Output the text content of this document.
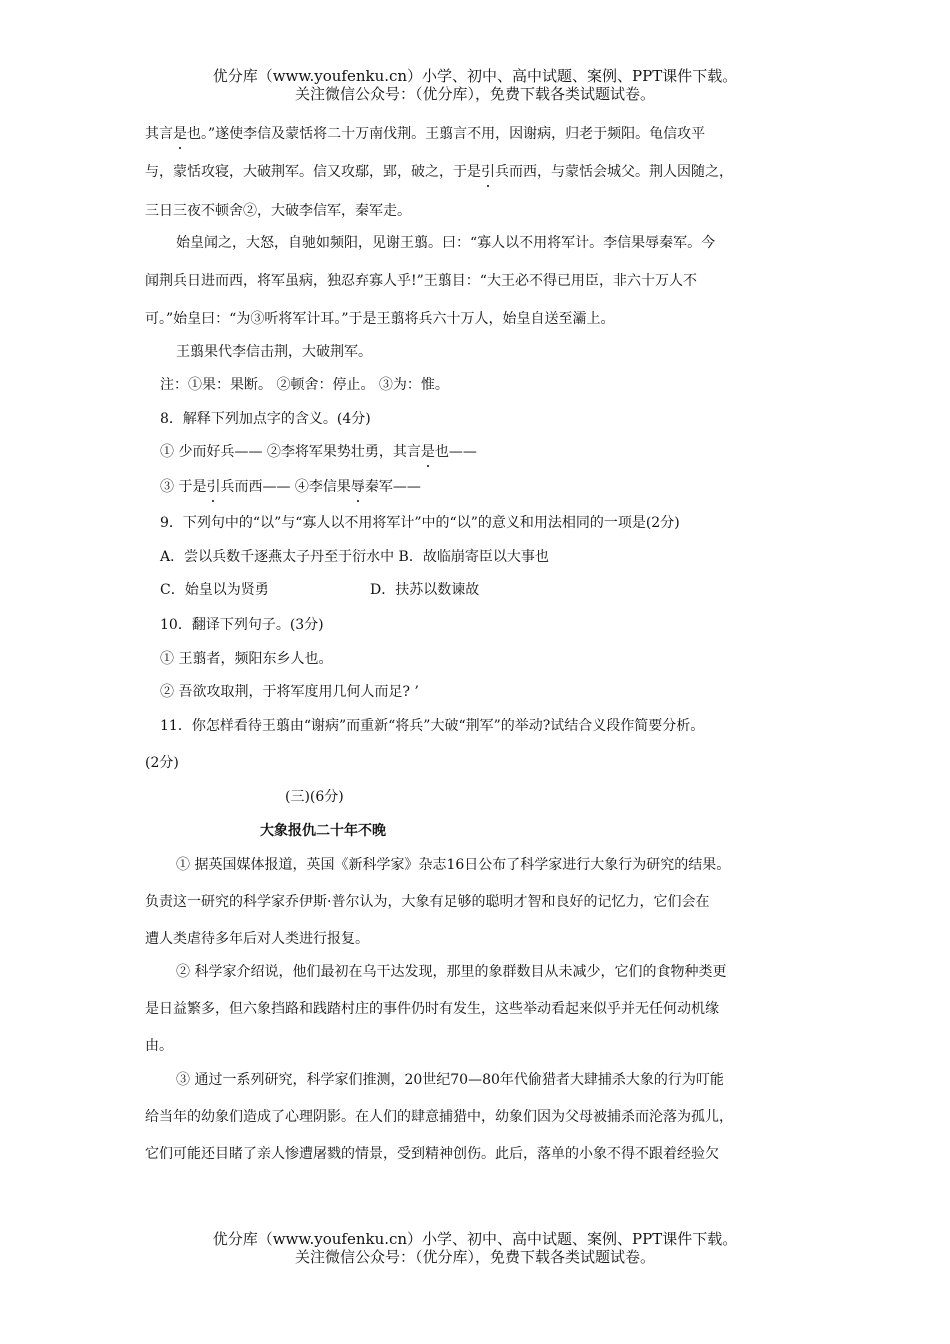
优分库（www.youfenku.cn）小学、初中、高中试题、案例、PPT课件下载。
关注微信公众号：（优分库），免费下载各类试题试卷。
其言是也。”遂使李信及蒙恬将二十万南伐荆。王翦言不用，因谢病，归老于频阳。龟信攻平
与，蒙恬攻寝，大破荆军。信又攻鄢，郢，破之，于是引兵而西，与蒙恬会城父。荆人因随之，
三日三夜不顿舍②，大破李信军，秦军走。
始皇闻之，大怒，自驰如频阳，见谢王翦。曰：“寡人以不用将军计。李信果辱秦军。今
闻荆兵日进而西，将军虽病，独忍弃寡人乎!”王翦目：“大王必不得已用臣，非六十万人不
可。”始皇曰：“为③听将军计耳。”于是王翦将兵六十万人，始皇自送至灞上。
王翦果代李信击荆，大破荆军。
注：①果：果断。 ②顿舍：停止。 ③为：惟。
8．解释下列加点字的含义。(4分)
① 少而好兵—— ②李将军果势壮勇，其言是也——
③ 于是引兵而西—— ④李信果辱秦军——
9．下列句中的“以”与“寡人以不用将军计”中的“以”的意义和用法相同的一项是(2分)
A．尝以兵数千逐燕太子丹至于衍水中 B．故临崩寄臣以大事也
C．始皇以为贤勇	D．扶苏以数谏故
10．翻译下列句子。(3分)
① 王翦者，频阳东乡人也。
② 吾欲攻取荆，于将军度用几何人而足? ’
11．你怎样看待王翦由“谢病”而重新“将兵”大破“荆军”的举动?试结合义段作简要分析。
(2分)
(三)(6分)
大象报仇二十年不晚
① 据英国媒体报道，英国《新科学家》杂志16日公布了科学家进行大象行为研究的结果。
负责这一研究的科学家乔伊斯·普尔认为，大象有足够的聪明才智和良好的记忆力，它们会在
遭人类虐待多年后对人类进行报复。
② 科学家介绍说，他们最初在乌干达发现，那里的象群数目从未减少，它们的食物种类更
是日益繁多，但六象挡路和践踏村庄的事件仍时有发生，这些举动看起来似乎并无任何动机缘
由。
③ 通过一系列研究，科学家们推测，20世纪70—80年代偷猎者大肆捕杀大象的行为叮能
给当年的幼象们造成了心理阴影。在人们的肆意捕猎中，幼象们因为父母被捕杀而沦落为孤儿，
它们可能还目睹了亲人惨遭屠戮的情景，受到精神创伤。此后，落单的小象不得不跟着经验欠
优分库（www.youfenku.cn）小学、初中、高中试题、案例、PPT课件下载。
关注微信公众号：（优分库），免费下载各类试题试卷。
